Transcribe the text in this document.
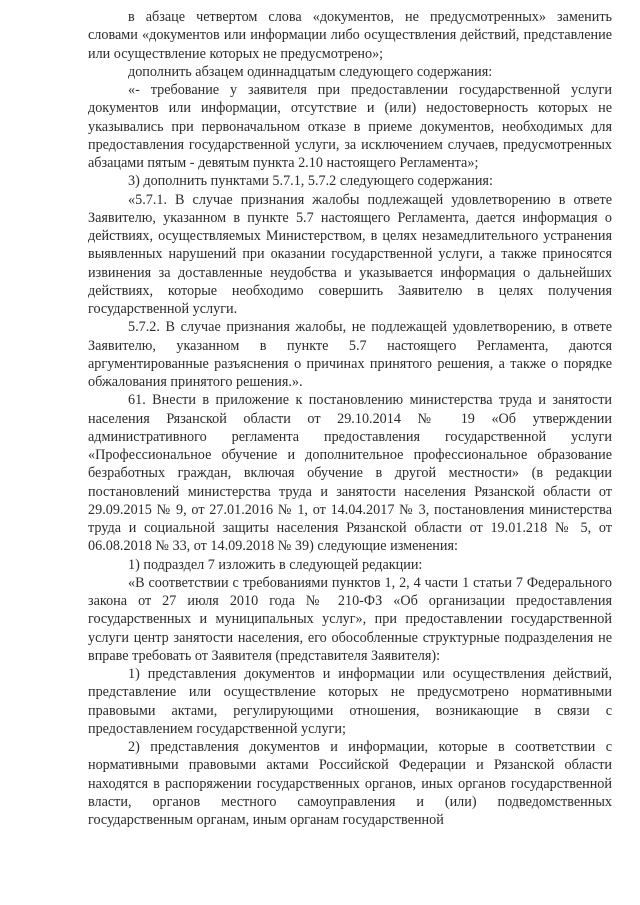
в абзаце четвертом слова «документов, не предусмотренных» заменить словами «документов или информации либо осуществления действий, представление или осуществление которых не предусмотрено»;

дополнить абзацем одиннадцатым следующего содержания:

«- требование у заявителя при предоставлении государственной услуги документов или информации, отсутствие и (или) недостоверность которых не указывались при первоначальном отказе в приеме документов, необходимых для предоставления государственной услуги, за исключением случаев, предусмотренных абзацами пятым - девятым пункта 2.10 настоящего Регламента»;

3) дополнить пунктами 5.7.1, 5.7.2 следующего содержания:

«5.7.1. В случае признания жалобы подлежащей удовлетворению в ответе Заявителю, указанном в пункте 5.7 настоящего Регламента, дается информация о действиях, осуществляемых Министерством, в целях незамедлительного устранения выявленных нарушений при оказании государственной услуги, а также приносятся извинения за доставленные неудобства и указывается информация о дальнейших действиях, которые необходимо совершить Заявителю в целях получения государственной услуги.

5.7.2. В случае признания жалобы, не подлежащей удовлетворению, в ответе Заявителю, указанном в пункте 5.7 настоящего Регламента, даются аргументированные разъяснения о причинах принятого решения, а также о порядке обжалования принятого решения.».

61. Внести в приложение к постановлению министерства труда и занятости населения Рязанской области от 29.10.2014 № 19 «Об утверждении административного регламента предоставления государственной услуги «Профессиональное обучение и дополнительное профессиональное образование безработных граждан, включая обучение в другой местности» (в редакции постановлений министерства труда и занятости населения Рязанской области от 29.09.2015 № 9, от 27.01.2016 № 1, от 14.04.2017 № 3, постановления министерства труда и социальной защиты населения Рязанской области от 19.01.218 № 5, от 06.08.2018 № 33, от 14.09.2018 № 39) следующие изменения:

1) подраздел 7 изложить в следующей редакции:

«В соответствии с требованиями пунктов 1, 2, 4 части 1 статьи 7 Федерального закона от 27 июля 2010 года № 210-ФЗ «Об организации предоставления государственных и муниципальных услуг», при предоставлении государственной услуги центр занятости населения, его обособленные структурные подразделения не вправе требовать от Заявителя (представителя Заявителя):

1) представления документов и информации или осуществления действий, представление или осуществление которых не предусмотрено нормативными правовыми актами, регулирующими отношения, возникающие в связи с предоставлением государственной услуги;

2) представления документов и информации, которые в соответствии с нормативными правовыми актами Российской Федерации и Рязанской области находятся в распоряжении государственных органов, иных органов государственной власти, органов местного самоуправления и (или) подведомственных государственным органам, иным органам государственной
